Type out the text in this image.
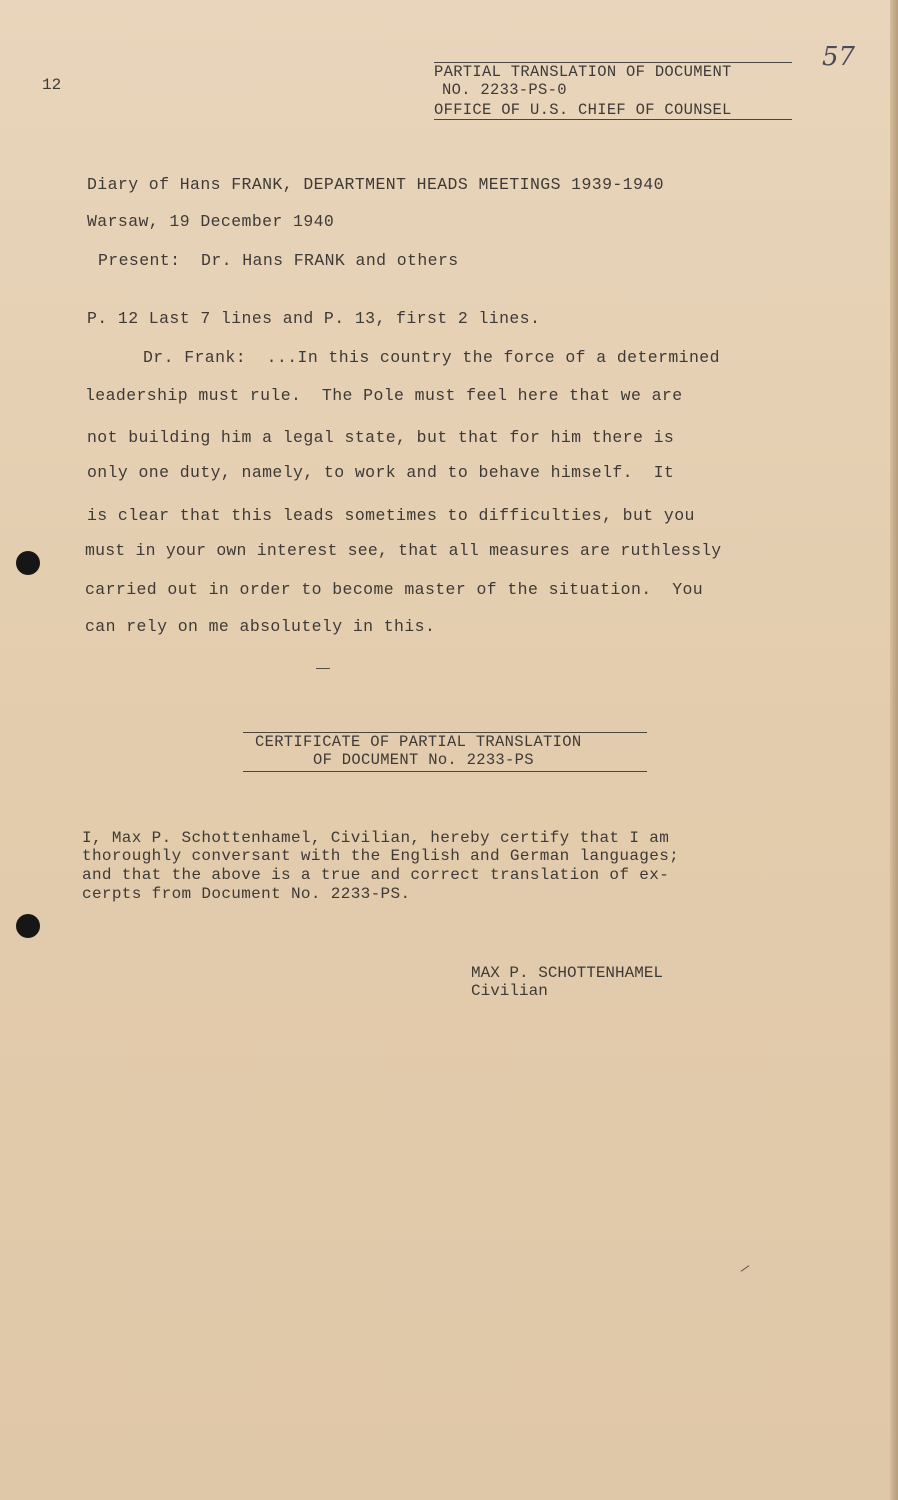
12
57
PARTIAL TRANSLATION OF DOCUMENT
NO. 2233-PS-0
OFFICE OF U.S. CHIEF OF COUNSEL
Diary of Hans FRANK, DEPARTMENT HEADS MEETINGS 1939-1940
Warsaw, 19 December 1940
Present:  Dr. Hans FRANK and others
P. 12 Last 7 lines and P. 13, first 2 lines.
Dr. Frank:  ...In this country the force of a determined
leadership must rule.  The Pole must feel here that we are
not building him a legal state, but that for him there is
only one duty, namely, to work and to behave himself.  It
is clear that this leads sometimes to difficulties, but you
must in your own interest see, that all measures are ruthlessly
carried out in order to become master of the situation.  You
can rely on me absolutely in this.
CERTIFICATE OF PARTIAL TRANSLATION
OF DOCUMENT No. 2233-PS
I, Max P. Schottenhamel, Civilian, hereby certify that I am
thoroughly conversant with the English and German languages;
and that the above is a true and correct translation of ex-
cerpts from Document No. 2233-PS.
MAX P. SCHOTTENHAMEL
Civilian
